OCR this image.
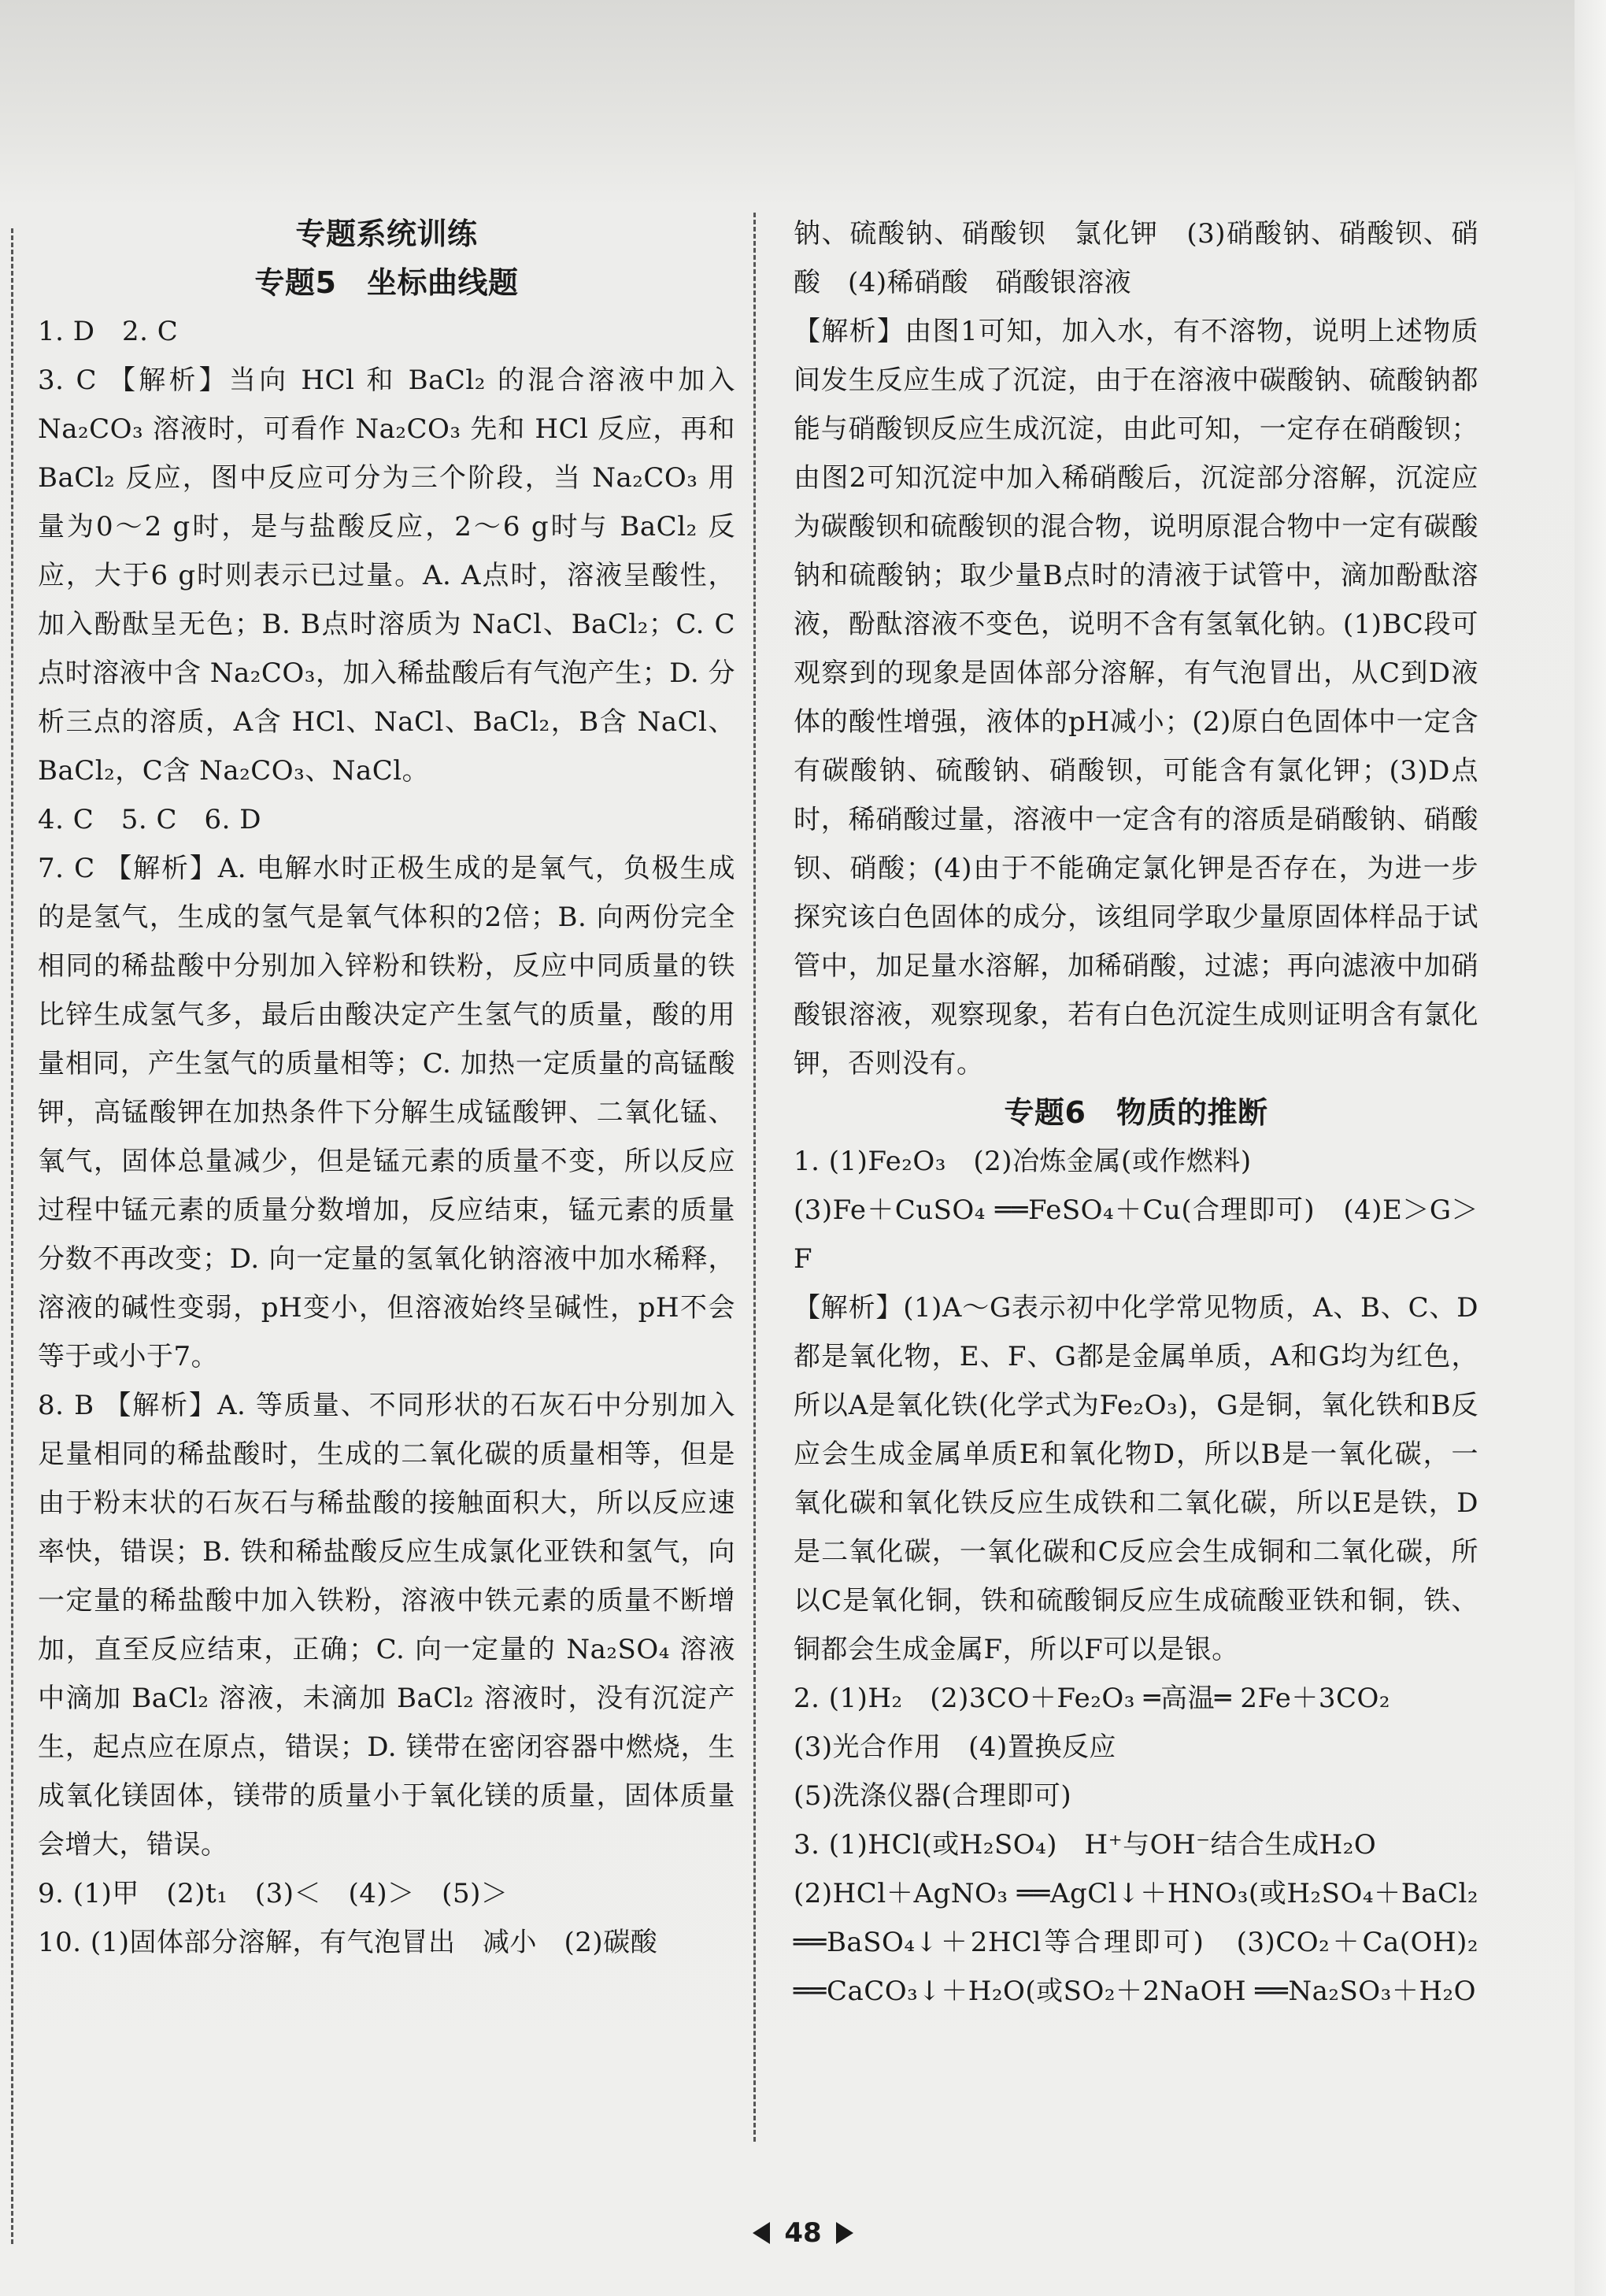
专题系统训练
专题5　坐标曲线题

1. D　2. C

3. C 【解析】当向 HCl 和 BaCl₂ 的混合溶液中加入 Na₂CO₃ 溶液时，可看作 Na₂CO₃ 先和 HCl 反应，再和 BaCl₂ 反应，图中反应可分为三个阶段，当 Na₂CO₃ 用量为0～2 g时，是与盐酸反应，2～6 g时与 BaCl₂ 反应，大于6 g时则表示已过量。A. A点时，溶液呈酸性，加入酚酞呈无色；B. B点时溶质为 NaCl、BaCl₂；C. C点时溶液中含 Na₂CO₃，加入稀盐酸后有气泡产生；D. 分析三点的溶质，A含 HCl、NaCl、BaCl₂，B含 NaCl、BaCl₂，C含 Na₂CO₃、NaCl。

4. C　5. C　6. D

7. C 【解析】A. 电解水时正极生成的是氧气，负极生成的是氢气，生成的氢气是氧气体积的2倍；B. 向两份完全相同的稀盐酸中分别加入锌粉和铁粉，反应中同质量的铁比锌生成氢气多，最后由酸决定产生氢气的质量，酸的用量相同，产生氢气的质量相等；C. 加热一定质量的高锰酸钾，高锰酸钾在加热条件下分解生成锰酸钾、二氧化锰、氧气，固体总量减少，但是锰元素的质量不变，所以反应过程中锰元素的质量分数增加，反应结束，锰元素的质量分数不再改变；D. 向一定量的氢氧化钠溶液中加水稀释，溶液的碱性变弱，pH变小，但溶液始终呈碱性，pH不会等于或小于7。

8. B 【解析】A. 等质量、不同形状的石灰石中分别加入足量相同的稀盐酸时，生成的二氧化碳的质量相等，但是由于粉末状的石灰石与稀盐酸的接触面积大，所以反应速率快，错误；B. 铁和稀盐酸反应生成氯化亚铁和氢气，向一定量的稀盐酸中加入铁粉，溶液中铁元素的质量不断增加，直至反应结束，正确；C. 向一定量的 Na₂SO₄ 溶液中滴加 BaCl₂ 溶液，未滴加 BaCl₂ 溶液时，没有沉淀产生，起点应在原点，错误；D. 镁带在密闭容器中燃烧，生成氧化镁固体，镁带的质量小于氧化镁的质量，固体质量会增大，错误。

9. (1)甲　(2)t₁　(3)＜　(4)＞　(5)＞

10. (1)固体部分溶解，有气泡冒出　减小　(2)碳酸

钠、硫酸钠、硝酸钡　氯化钾　(3)硝酸钠、硝酸钡、硝酸　(4)稀硝酸　硝酸银溶液

【解析】由图1可知，加入水，有不溶物，说明上述物质间发生反应生成了沉淀，由于在溶液中碳酸钠、硫酸钠都能与硝酸钡反应生成沉淀，由此可知，一定存在硝酸钡；由图2可知沉淀中加入稀硝酸后，沉淀部分溶解，沉淀应为碳酸钡和硫酸钡的混合物，说明原混合物中一定有碳酸钠和硫酸钠；取少量B点时的清液于试管中，滴加酚酞溶液，酚酞溶液不变色，说明不含有氢氧化钠。(1)BC段可观察到的现象是固体部分溶解，有气泡冒出，从C到D液体的酸性增强，液体的pH减小；(2)原白色固体中一定含有碳酸钠、硫酸钠、硝酸钡，可能含有氯化钾；(3)D点时，稀硝酸过量，溶液中一定含有的溶质是硝酸钠、硝酸钡、硝酸；(4)由于不能确定氯化钾是否存在，为进一步探究该白色固体的成分，该组同学取少量原固体样品于试管中，加足量水溶解，加稀硝酸，过滤；再向滤液中加硝酸银溶液，观察现象，若有白色沉淀生成则证明含有氯化钾，否则没有。

专题6　物质的推断

1. (1)Fe₂O₃　(2)冶炼金属(或作燃料)

(3)Fe＋CuSO₄ ══FeSO₄＋Cu(合理即可)　(4)E＞G＞F

【解析】(1)A～G表示初中化学常见物质，A、B、C、D都是氧化物，E、F、G都是金属单质，A和G均为红色，所以A是氧化铁(化学式为Fe₂O₃)，G是铜，氧化铁和B反应会生成金属单质E和氧化物D，所以B是一氧化碳，一氧化碳和氧化铁反应生成铁和二氧化碳，所以E是铁，D是二氧化碳，一氧化碳和C反应会生成铜和二氧化碳，所以C是氧化铜，铁和硫酸铜反应生成硫酸亚铁和铜，铁、铜都会生成金属F，所以F可以是银。

2. (1)H₂　(2)3CO＋Fe₂O₃ ═高温═ 2Fe＋3CO₂

(3)光合作用　(4)置换反应

(5)洗涤仪器(合理即可)

3. (1)HCl(或H₂SO₄)　H⁺与OH⁻结合生成H₂O

(2)HCl＋AgNO₃ ══AgCl↓＋HNO₃(或H₂SO₄＋BaCl₂ ══BaSO₄↓＋2HCl等合理即可)　(3)CO₂＋Ca(OH)₂ ══CaCO₃↓＋H₂O(或SO₂＋2NaOH ══Na₂SO₃＋H₂O

48
